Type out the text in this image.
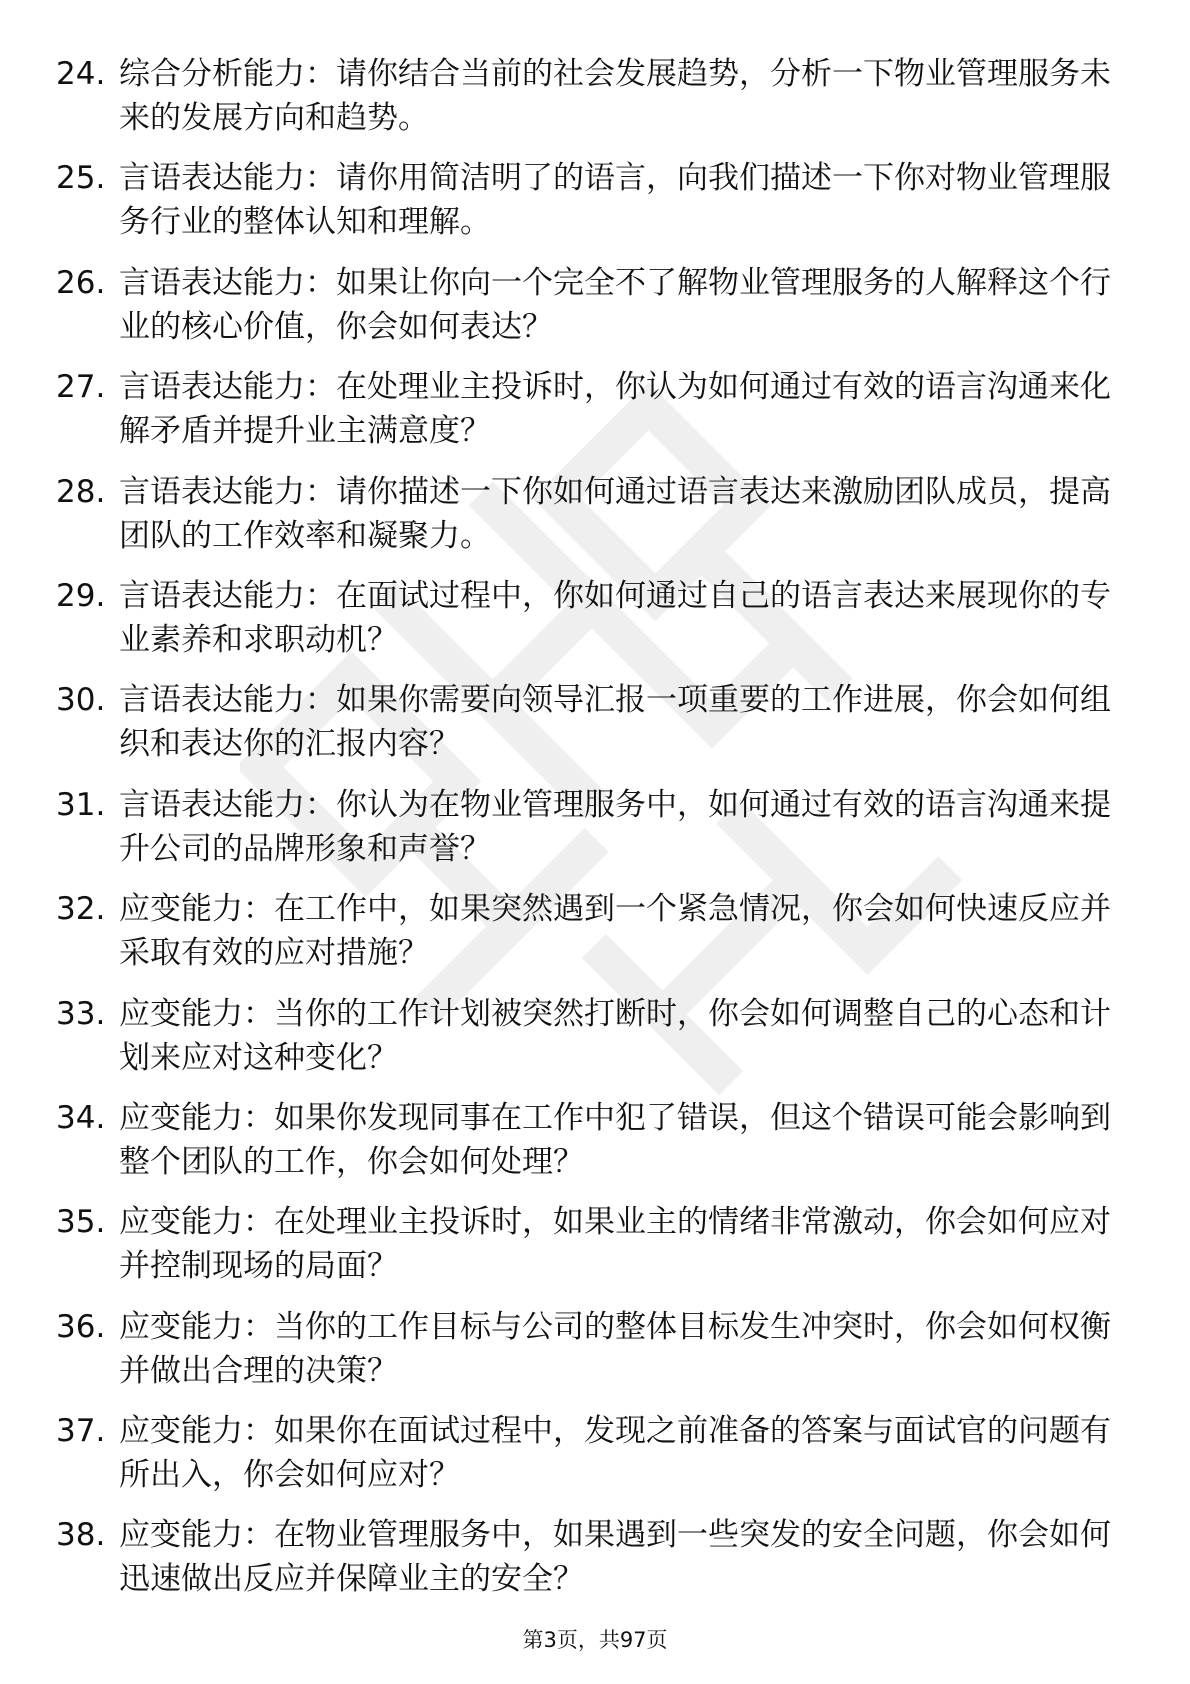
24. 综合分析能力：请你结合当前的社会发展趋势，分析一下物业管理服务未来的发展方向和趋势。
25. 言语表达能力：请你用简洁明了的语言，向我们描述一下你对物业管理服务行业的整体认知和理解。
26. 言语表达能力：如果让你向一个完全不了解物业管理服务的人解释这个行业的核心价值，你会如何表达？
27. 言语表达能力：在处理业主投诉时，你认为如何通过有效的语言沟通来化解矛盾并提升业主满意度？
28. 言语表达能力：请你描述一下你如何通过语言表达来激励团队成员，提高团队的工作效率和凝聚力。
29. 言语表达能力：在面试过程中，你如何通过自己的语言表达来展现你的专业素养和求职动机？
30. 言语表达能力：如果你需要向领导汇报一项重要的工作进展，你会如何组织和表达你的汇报内容？
31. 言语表达能力：你认为在物业管理服务中，如何通过有效的语言沟通来提升公司的品牌形象和声誉？
32. 应变能力：在工作中，如果突然遇到一个紧急情况，你会如何快速反应并采取有效的应对措施？
33. 应变能力：当你的工作计划被突然打断时，你会如何调整自己的心态和计划来应对这种变化？
34. 应变能力：如果你发现同事在工作中犯了错误，但这个错误可能会影响到整个团队的工作，你会如何处理？
35. 应变能力：在处理业主投诉时，如果业主的情绪非常激动，你会如何应对并控制现场的局面？
36. 应变能力：当你的工作目标与公司的整体目标发生冲突时，你会如何权衡并做出合理的决策？
37. 应变能力：如果你在面试过程中，发现之前准备的答案与面试官的问题有所出入，你会如何应对？
38. 应变能力：在物业管理服务中，如果遇到一些突发的安全问题，你会如何迅速做出反应并保障业主的安全？
第3页，共97页
